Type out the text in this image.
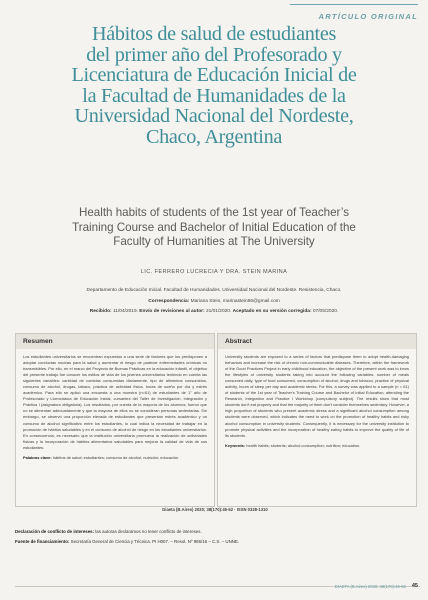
ARTÍCULO ORIGINAL
Hábitos de salud de estudiantes
del primer año del Profesorado y
Licenciatura de Educación Inicial de
la Facultad de Humanidades de la
Universidad Nacional del Nordeste,
Chaco, Argentina
Health habits of students of the 1st year of Teacher’s
Training Course and Bachelor of Initial Education of the
Faculty of Humanities at The University
LIC. FERRERO LUCRECIA Y DRA. STEIN MARINA
Departamento de Educación Inicial. Facultad de Humanidades. Universidad Nacional del Nordeste. Resistencia, Chaco.
Correspondencia: Mariana Stein, marinastein66@gmail.com
Recibido: 11/04/2019. Envío de revisiones al autor: 21/01/2020. Aceptado en su versión corregida: 07/05/2020.
Resumen
Los estudiantes universitarios se encuentran expuestos a una serie de factores que los predisponen a adoptar conductas nocivas para la salud y aumentar el riesgo de padecer enfermedades crónicas no transmisibles. Por ello, en el marco del Proyecto de Buenas Prácticas en la educación infantil, el objetivo del presente trabajo fue conocer los estilos de vida de los jóvenes universitarios teniendo en cuenta las siguientes variables: cantidad de comidas consumidas diariamente, tipo de alimentos consumidos, consumo de alcohol, drogas, tabaco, práctica de actividad física, horas de sueño por día y estrés académico. Para ello se aplicó una encuesta a una muestra (n=61) de estudiantes de 1° año de Profesorado y Licenciatura de Educación Inicial, cursantes del Taller de Investigación, Integración y Práctica I (asignatura obligatoria). Los resultados, por cuenta de la mayoría de los alumnos, fueron que no se alimentan adecuadamente y que la mayoría de ellos no se consideran personas sedentarias. Sin embargo, se observó una proporción elevada de estudiantes que presentan estrés académico y un consumo de alcohol significativo entre los estudiantes, lo cual indica la necesidad de trabajar en la promoción de hábitos saludables y en el consumo de alcohol de riesgo en los estudiantes universitarios. En consecuencia, es necesario que la institución universitaria promueva la realización de actividades físicas y la incorporación de hábitos alimentarios saludables para mejorar la calidad de vida de sus estudiantes.
Palabras clave: hábitos de salud; estudiantes; consumo de alcohol; nutrición; educación.
Abstract
University students are exposed to a series of factors that predispose them to adopt health-damaging behaviors and increase the risk of chronic non-communicable diseases. Therefore, within the framework of the Good Practices Project in early childhood education, the objective of the present work was to know the lifestyles of university students taking into account the following variables: number of meals consumed daily, type of food consumed, consumption of alcohol, drugs and tobacco, practice of physical activity, hours of sleep per day and academic stress. For this, a survey was applied to a sample (n = 61) of students of the 1st year of Teacher's Training Course and Bachelor of Initial Education, attending the Research, Integration and Practice I Workshop (compulsory subject). The results show that most students don't eat properly and that the majority of them don't consider themselves sedentary. However, a high proportion of students who present academic stress and a significant alcohol consumption among students were observed, which indicates the need to work on the promotion of healthy habits and risky alcohol consumption in university students. Consequently, it is necessary for the university institution to promote physical activities and the incorporation of healthy eating habits to improve the quality of life of its students.
Keywords: health habits; students; alcohol consumption; nutrition; education.
Diaeta (B.Aires) 2020; 38(170):45-52 · ISSN 0328-1310
Declaración de conflicto de intereses: las autoras declaramos no tener conflicto de intereses.
Fuente de financiamiento: Secretaría General de Ciencia y Técnica. PI H007. – Resol. Nº 986/16 – C.S. – UNNE.
DIAETA (B.Aires) 2020; 38(170):45-52 45
